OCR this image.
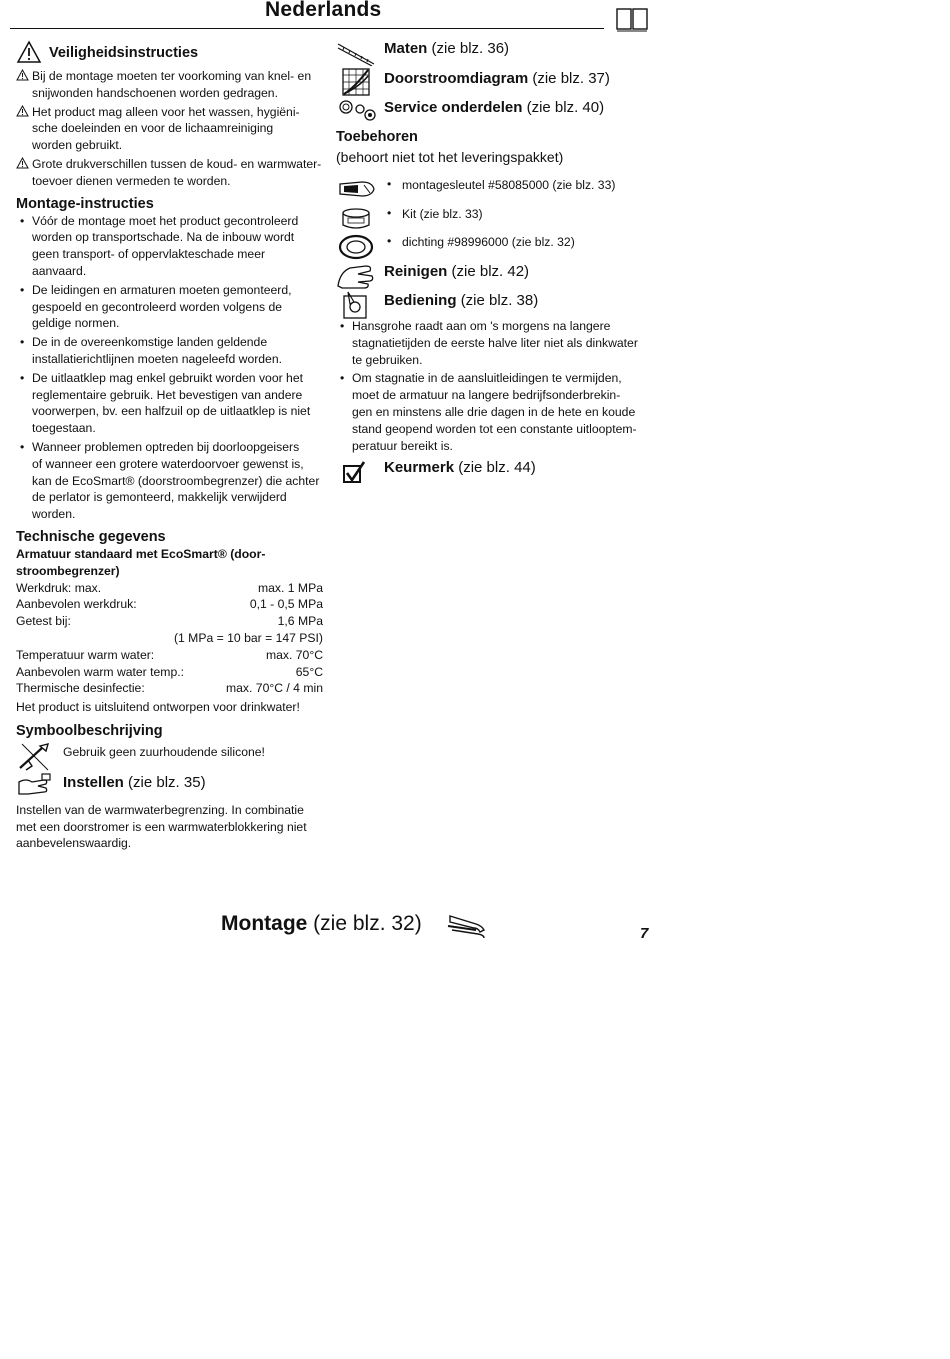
Nederlands
Veiligheidsinstructies
Bij de montage moeten ter voorkoming van knel- en
snijwonden handschoenen worden gedragen.
Het product mag alleen voor het wassen, hygiëni-
sche doeleinden en voor de lichaamreiniging
worden gebruikt.
Grote drukverschillen tussen de koud- en warmwater-
toevoer dienen vermeden te worden.
Montage-instructies
• Vóór de montage moet het product gecontroleerd
worden op transportschade. Na de inbouw wordt
geen transport- of oppervlakteschade meer
aanvaard.
• De leidingen en armaturen moeten gemonteerd,
gespoeld en gecontroleerd worden volgens de
geldige normen.
• De in de overeenkomstige landen geldende
installatierichtlijnen moeten nageleefd worden.
• De uitlaatklep mag enkel gebruikt worden voor het
reglementaire gebruik. Het bevestigen van andere
voorwerpen, bv. een halfzuil op de uitlaatklep is niet
toegestaan.
• Wanneer problemen optreden bij doorloopgeisers
of wanneer een grotere waterdoorvoer gewenst is,
kan de EcoSmart® (doorstroombegrenzer) die achter
de perlator is gemonteerd, makkelijk verwijderd
worden.
Technische gegevens
Armatuur standaard met EcoSmart® (door-
stroombegrenzer)
Werkdruk: max.	max. 1 MPa
Aanbevolen werkdruk:	0,1 - 0,5 MPa
Getest bij:	1,6 MPa
(1 MPa = 10 bar = 147 PSI)
Temperatuur warm water:	max. 70°C
Aanbevolen warm water temp.:	65°C
Thermische desinfectie:	max. 70°C / 4 min
Het product is uitsluitend ontworpen voor drinkwater!
Symboolbeschrijving
Gebruik geen zuurhoudende silicone!
Instellen (zie blz. 35)
Instellen van de warmwaterbegrenzing. In combinatie
met een doorstromer is een warmwaterblokkering niet
aanbevelenswaardig.
Maten (zie blz. 36)
Doorstroomdiagram (zie blz. 37)
Service onderdelen (zie blz. 40)
Toebehoren
(behoort niet tot het leveringspakket)
• montagesleutel #58085000 (zie blz. 33)
• Kit (zie blz. 33)
• dichting #98996000 (zie blz. 32)
Reinigen (zie blz. 42)
Bediening (zie blz. 38)
• Hansgrohe raadt aan om 's morgens na langere
stagnatietijden de eerste halve liter niet als dinkwater
te gebruiken.
• Om stagnatie in de aansluitleidingen te vermijden,
moet de armatuur na langere bedrijfsonderbrekin-
gen en minstens alle drie dagen in de hete en koude
stand geopend worden tot een constante uitlooptem-
peratuur bereikt is.
Keurmerk (zie blz. 44)
Montage (zie blz. 32)	7
